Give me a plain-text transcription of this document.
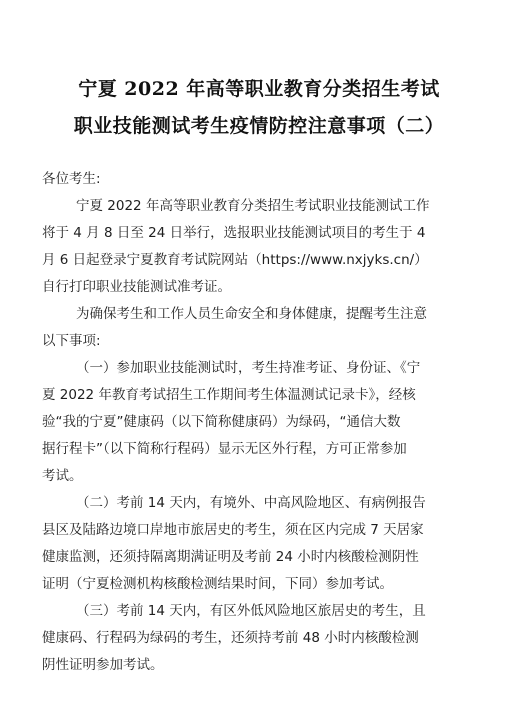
宁夏 2022 年高等职业教育分类招生考试
职业技能测试考生疫情防控注意事项（二）
各位考生:
宁夏 2022 年高等职业教育分类招生考试职业技能测试工作
将于 4 月 8 日至 24 日举行，选报职业技能测试项目的考生于 4
月 6 日起登录宁夏教育考试院网站（https://www.nxjyks.cn/）
自行打印职业技能测试准考证。
为确保考生和工作人员生命安全和身体健康，提醒考生注意
以下事项:
（一）参加职业技能测试时，考生持准考证、身份证、《宁
夏 2022 年教育考试招生工作期间考生体温测试记录卡》，经核
验“我的宁夏”健康码（以下简称健康码）为绿码，“通信大数
据行程卡”（以下简称行程码）显示无区外行程，方可正常参加
考试。
（二）考前 14 天内，有境外、中高风险地区、有病例报告
县区及陆路边境口岸地市旅居史的考生，须在区内完成 7 天居家
健康监测，还须持隔离期满证明及考前 24 小时内核酸检测阴性
证明（宁夏检测机构核酸检测结果时间，下同）参加考试。
（三）考前 14 天内，有区外低风险地区旅居史的考生，且
健康码、行程码为绿码的考生，还须持考前 48 小时内核酸检测
阴性证明参加考试。
